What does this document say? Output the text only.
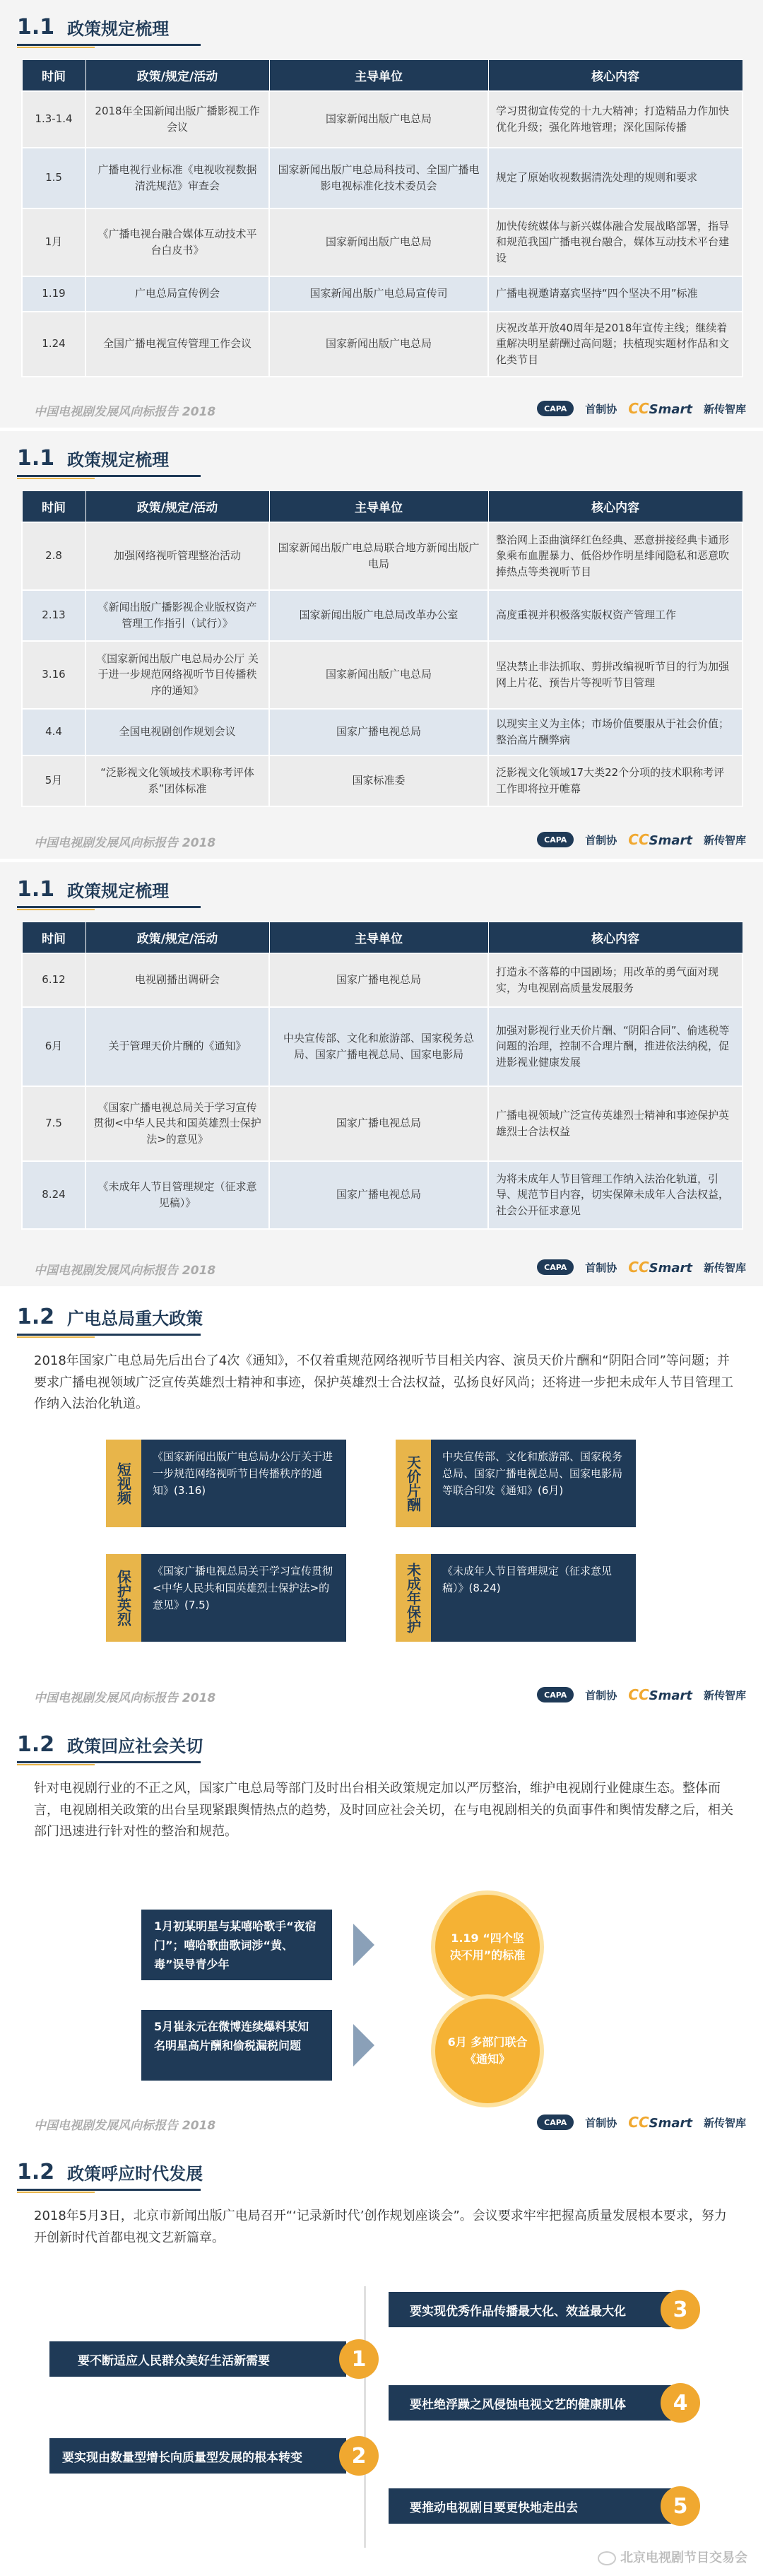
1.1 政策规定梳理
时间	政策/规定/活动	主导单位	核心内容
1.3-1.4	2018年全国新闻出版广播影视工作会议	国家新闻出版广电总局	学习贯彻宣传党的十九大精神；打造精品力作加快优化升级；强化阵地管理；深化国际传播
1.5	广播电视行业标准《电视收视数据清洗规范》审查会	国家新闻出版广电总局科技司、全国广播电影电视标准化技术委员会	规定了原始收视数据清洗处理的规则和要求
1月	《广播电视台融合媒体互动技术平台白皮书》	国家新闻出版广电总局	加快传统媒体与新兴媒体融合发展战略部署，指导和规范我国广播电视台融合，媒体互动技术平台建设
1.19	广电总局宣传例会	国家新闻出版广电总局宣传司	广播电视邀请嘉宾坚持“四个坚决不用”标准
1.24	全国广播电视宣传管理工作会议	国家新闻出版广电总局	庆祝改革开放40周年是2018年宣传主线；继续着重解决明星薪酬过高问题；扶植现实题材作品和文化类节目
中国电视剧发展风向标报告 2018	CAPA	首制协 CCSmart 新传智库
1.1 政策规定梳理
时间	政策/规定/活动	主导单位	核心内容
2.8	加强网络视听管理整治活动	国家新闻出版广电总局联合地方新闻出版广电局	整治网上歪曲演绎红色经典、恶意拼接经典卡通形象乘布血腥暴力、低俗炒作明星绯闻隐私和恶意吹捧热点等类视听节目
2.13	《新闻出版广播影视企业版权资产管理工作指引（试行）》	国家新闻出版广电总局改革办公室	高度重视并积极落实版权资产管理工作
3.16	《国家新闻出版广电总局办公厅 关于进一步规范网络视听节目传播秩序的通知》	国家新闻出版广电总局	坚决禁止非法抓取、剪拼改编视听节目的行为加强网上片花、预告片等视听节目管理
4.4	全国电视剧创作规划会议	国家广播电视总局	以现实主义为主体；市场价值要服从于社会价值；整治高片酬弊病
5月	“泛影视文化领域技术职称考评体系”团体标准	国家标准委	泛影视文化领域17大类22个分项的技术职称考评工作即将拉开帷幕
中国电视剧发展风向标报告 2018	CAPA	首制协 CCSmart 新传智库
1.1 政策规定梳理
时间	政策/规定/活动	主导单位	核心内容
6.12	电视剧播出调研会	国家广播电视总局	打造永不落幕的中国剧场；用改革的勇气面对现实，为电视剧高质量发展服务
6月	关于管理天价片酬的《通知》	中央宣传部、文化和旅游部、国家税务总局、国家广播电视总局、国家电影局	加强对影视行业天价片酬、“阴阳合同”、偷逃税等问题的治理，控制不合理片酬，推进依法纳税，促进影视业健康发展
7.5	《国家广播电视总局关于学习宣传贯彻<中华人民共和国英雄烈士保护法>的意见》	国家广播电视总局	广播电视领域广泛宣传英雄烈士精神和事迹保护英雄烈士合法权益
8.24	《未成年人节目管理规定（征求意见稿）》	国家广播电视总局	为将未成年人节目管理工作纳入法治化轨道，引导、规范节目内容，切实保障未成年人合法权益，社会公开征求意见
中国电视剧发展风向标报告 2018	CAPA	首制协 CCSmart 新传智库
1.2 广电总局重大政策
2018年国家广电总局先后出台了4次《通知》，不仅着重规范网络视听节目相关内容、演员天价片酬和“阴阳合同”等问题；并要求广播电视领域广泛宣传英雄烈士精神和事迹，保护英雄烈士合法权益，弘扬良好风尚；还将进一步把未成年人节目管理工作纳入法治化轨道。
短视频
《国家新闻出版广电总局办公厅关于进一步规范网络视听节目传播秩序的通知》(3.16)	天价片酬	中央宣传部、文化和旅游部、国家税务总局、国家广播电视总局、国家电影局等联合印发《通知》(6月)
保护英烈	《国家广播电视总局关于学习宣传贯彻<中华人民共和国英雄烈士保护法>的意见》(7.5)	未成年保护	《未成年人节目管理规定（征求意见稿）》(8.24)
中国电视剧发展风向标报告 2018	CAPA	首制协 CCSmart 新传智库
1.2 政策回应社会关切
针对电视剧行业的不正之风，国家广电总局等部门及时出台相关政策规定加以严厉整治，维护电视剧行业健康生态。整体而言，电视剧相关政策的出台呈现紧跟舆情热点的趋势，及时回应社会关切，在与电视剧相关的负面事件和舆情发酵之后，相关部门迅速进行针对性的整治和规范。
1月初某明星与某嘻哈歌手“夜宿门”；嘻哈歌曲歌词涉“黄、毒”误导青少年
1.19 “四个坚决不用”的标准
5月崔永元在微博连续爆料某知名明星高片酬和偷税漏税问题	6月 多部门联合《通知》
中国电视剧发展风向标报告 2018	CAPA	首制协 CCSmart 新传智库
1.2 政策呼应时代发展
2018年5月3日，北京市新闻出版广电局召开“‘记录新时代’创作规划座谈会”。会议要求牢牢把握高质量发展根本要求，努力开创新时代首都电视文艺新篇章。
要实现优秀作品传播最大化、效益最大化	3
要不断适应人民群众美好生活新需要	1
要杜绝浮躁之风侵蚀电视文艺的健康肌体	4
要实现由数量型增长向质量型发展的根本转变	2
要推动电视剧目要更快地走出去	5
北京电视剧节目交易会
